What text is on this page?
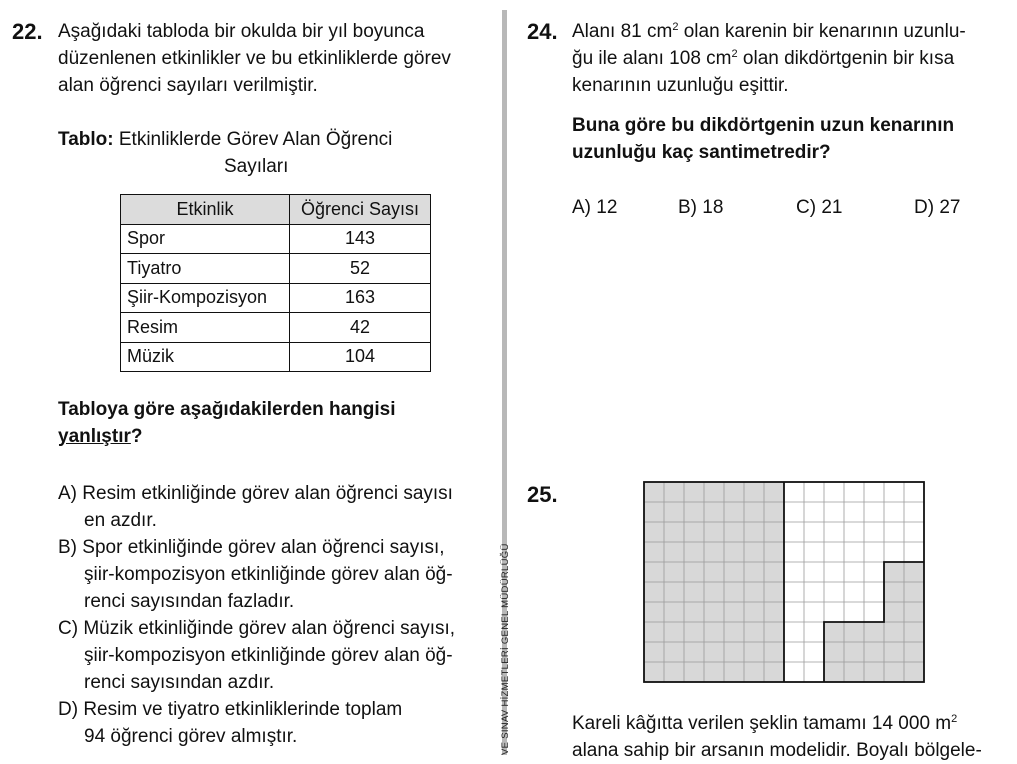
22. Aşağıdaki tabloda bir okulda bir yıl boyunca
düzenlenen etkinlikler ve bu etkinliklerde görev
alan öğrenci sayıları verilmiştir.
Tablo: Etkinliklerde Görev Alan Öğrenci
Sayıları
Etkinlik	Öğrenci Sayısı
Spor	143
Tiyatro	52
Şiir-Kompozisyon	163
Resim	42
Müzik	104
Tabloya göre aşağıdakilerden hangisi
yanlıştır?
A) Resim etkinliğinde görev alan öğrenci sayısı
en azdır.
B) Spor etkinliğinde görev alan öğrenci sayısı,
şiir-kompozisyon etkinliğinde görev alan öğ-
renci sayısından fazladır.
C) Müzik etkinliğinde görev alan öğrenci sayısı,
şiir-kompozisyon etkinliğinde görev alan öğ-
renci sayısından azdır.
D) Resim ve tiyatro etkinliklerinde toplam
94 öğrenci görev almıştır.	VE SINAV HİZMETLERİ GENEL MÜDÜRLÜĞÜ
24. Alanı 81 $cm^2$ olan karenin bir kenarının uzunlu-
ğu ile alanı 108 $cm^2$ olan dikdörtgenin bir kısa
kenarının uzunluğu eşittir.
Buna göre bu dikdörtgenin uzun kenarının
uzunluğu kaç santimetredir?
A) 12	B) 18	C) 21	D) 27
25.
Kareli kâğıtta verilen şeklin tamamı 14 000 $m^2$
alana sahip bir arsanın modelidir. Boyalı bölgele-
